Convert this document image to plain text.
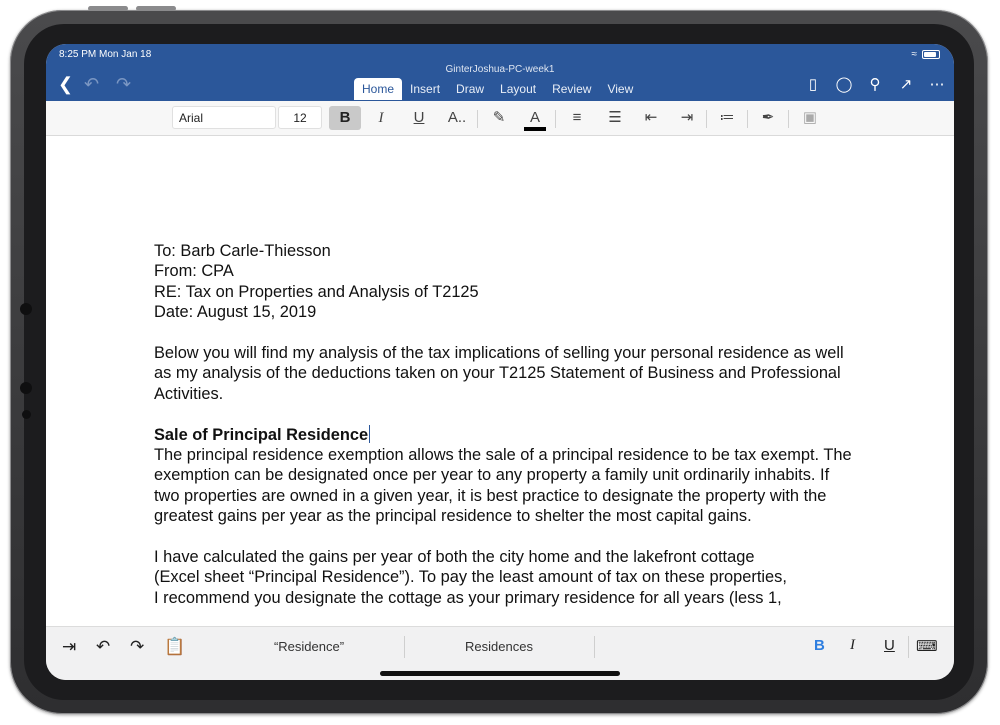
8:25 PM Mon Jan 18	≈
GinterJoshua-PC-week1
❮ ↶ ↷	Home	Insert	Draw	Layout	Review	View	▯	◯ ⚲ ↗ ⋯
Arial	12	B	I	U	A..	✎	A	≡	☰	⇤	⇥	≔	✒	▣

To: Barb Carle-Thiesson

From: CPA

RE: Tax on Properties and Analysis of T2125

Date: August 15, 2019

Below you will find my analysis of the tax implications of selling your personal residence as well as my analysis of the deductions taken on your T2125 Statement of Business and Professional Activities.

Sale of Principal Residence

The principal residence exemption allows the sale of a principal residence to be tax exempt. The exemption can be designated once per year to any property a family unit ordinarily inhabits. If two properties are owned in a given year, it is best practice to designate the property with the greatest gains per year as the principal residence to shelter the most capital gains.

I have calculated the gains per year of both the city home and the lakefront cottage

(Excel sheet “Principal Residence”). To pay the least amount of tax on these properties,

I recommend you designate the cottage as your primary residence for all years (less 1,

⇥ ↶ ↷ 📋	“Residence”	Residences	B I U ⌨
